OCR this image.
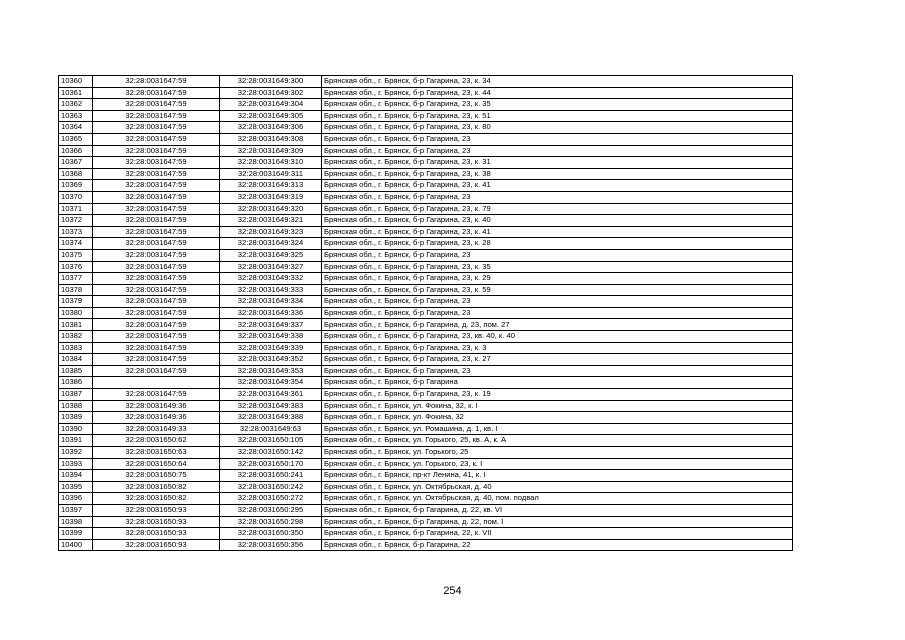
10360	32:28:0031647:59	32:28:0031649:300	Брянская обл., г. Брянск, б-р Гагарина, 23, к. 34
10361	32:28:0031647:59	32:28:0031649:302	Брянская обл., г. Брянск, б-р Гагарина, 23, к. 44
10362	32:28:0031647:59	32:28:0031649:304	Брянская обл., г. Брянск, б-р Гагарина, 23, к. 35
10363	32:28:0031647:59	32:28:0031649:305	Брянская обл., г. Брянск, б-р Гагарина, 23, к. 51
10364	32:28:0031647:59	32:28:0031649:306	Брянская обл., г. Брянск, б-р Гагарина, 23, к. 80
10365	32:28:0031647:59	32:28:0031649:308	Брянская обл., г. Брянск, б-р Гагарина, 23
10366	32:28:0031647:59	32:28:0031649:309	Брянская обл., г. Брянск, б-р Гагарина, 23
10367	32:28:0031647:59	32:28:0031649:310	Брянская обл., г. Брянск, б-р Гагарина, 23, к. 31
10368	32:28:0031647:59	32:28:0031649:311	Брянская обл., г. Брянск, б-р Гагарина, 23, к. 38
10369	32:28:0031647:59	32:28:0031649:313	Брянская обл., г. Брянск, б-р Гагарина, 23, к. 41
10370	32:28:0031647:59	32:28:0031649:319	Брянская обл., г. Брянск, б-р Гагарина, 23
10371	32:28:0031647:59	32:28:0031649:320	Брянская обл., г. Брянск, б-р Гагарина, 23, к. 79
10372	32:28:0031647:59	32:28:0031649:321	Брянская обл., г. Брянск, б-р Гагарина, 23, к. 40
10373	32:28:0031647:59	32:28:0031649:323	Брянская обл., г. Брянск, б-р Гагарина, 23, к. 41
10374	32:28:0031647:59	32:28:0031649:324	Брянская обл., г. Брянск, б-р Гагарина, 23, к. 28
10375	32:28:0031647:59	32:28:0031649:325	Брянская обл., г. Брянск, б-р Гагарина, 23
10376	32:28:0031647:59	32:28:0031649:327	Брянская обл., г. Брянск, б-р Гагарина, 23, к. 35
10377	32:28:0031647:59	32:28:0031649:332	Брянская обл., г. Брянск, б-р Гагарина, 23, к. 29
10378	32:28:0031647:59	32:28:0031649:333	Брянская обл., г. Брянск, б-р Гагарина, 23, к. 59
10379	32:28:0031647:59	32:28:0031649:334	Брянская обл., г. Брянск, б-р Гагарина, 23
10380	32:28:0031647:59	32:28:0031649:336	Брянская обл., г. Брянск, б-р Гагарина, 23
10381	32:28:0031647:59	32:28:0031649:337	Брянская обл., г. Брянск, б-р Гагарина, д. 23, пом. 27
10382	32:28:0031647:59	32:28:0031649:338	Брянская обл., г. Брянск, б-р Гагарина, 23, кв. 40, к. 40
10383	32:28:0031647:59	32:28:0031649:339	Брянская обл., г. Брянск, б-р Гагарина, 23, к. 3
10384	32:28:0031647:59	32:28:0031649:352	Брянская обл., г. Брянск, б-р Гагарина, 23, к. 27
10385	32:28:0031647:59	32:28:0031649:353	Брянская обл., г. Брянск, б-р Гагарина, 23
10386		32:28:0031649:354	Брянская обл., г. Брянск, б-р Гагарина
10387	32:28:0031647:59	32:28:0031649:361	Брянская обл., г. Брянск, б-р Гагарина, 23, к. 19
10388	32:28:0031649:36	32:28:0031649:383	Брянская обл., г. Брянск, ул. Фокина, 32, к. I
10389	32:28:0031649:36	32:28:0031649:388	Брянская обл., г. Брянск, ул. Фокина, 32
10390	32:28:0031649:33	32:28:0031649:63	Брянская обл., г. Брянск, ул. Ромашина, д. 1, кв. I
10391	32:28:0031650:62	32:28:0031650:105	Брянская обл., г. Брянск, ул. Горького, 25, кв. А, к. А
10392	32:28:0031650:63	32:28:0031650:142	Брянская обл., г. Брянск, ул. Горького, 25
10393	32:28:0031650:64	32:28:0031650:170	Брянская обл., г. Брянск, ул. Горького, 23, к. I
10394	32:28:0031650:75	32:28:0031650:241	Брянская обл., г. Брянск, пр-кт Ленина, 41, к. I
10395	32:28:0031650:82	32:28:0031650:242	Брянская обл., г. Брянск, ул. Октябрьская, д. 40
10396	32:28:0031650:82	32:28:0031650:272	Брянская обл., г. Брянск, ул. Октябрьская, д. 40, пом. подвал
10397	32:28:0031650:93	32:28:0031650:295	Брянская обл., г. Брянск, б-р Гагарина, д. 22, кв. VI
10398	32:28:0031650:93	32:28:0031650:298	Брянская обл., г. Брянск, б-р Гагарина, д. 22, пом. I
10399	32:28:0031650:93	32:28:0031650:350	Брянская обл., г. Брянск, б-р Гагарина, 22, к. VII
10400	32:28:0031650:93	32:28:0031650:356	Брянская обл., г. Брянск, б-р Гагарина, 22
254
